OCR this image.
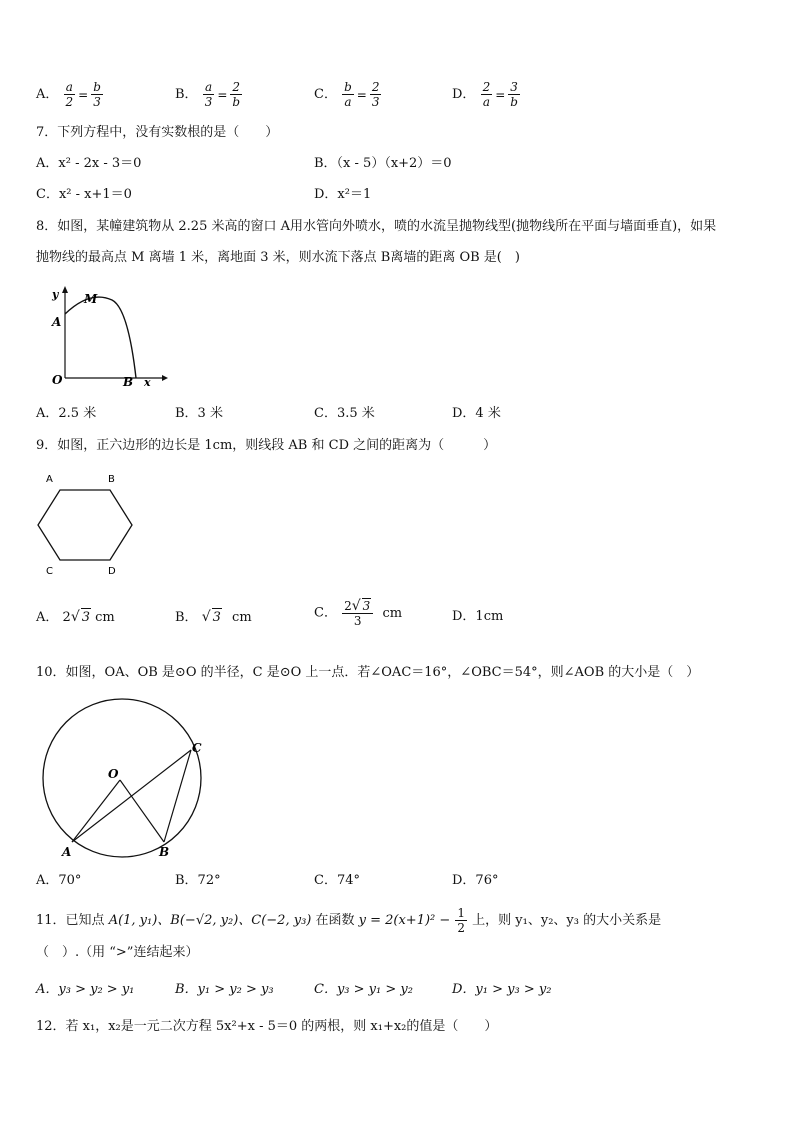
A． $\frac{a}{2} = \frac{b}{3}$	B． $\frac{a}{3} = \frac{2}{b}$	C． $\frac{b}{a} = \frac{2}{3}$	D． $\frac{2}{a} = \frac{3}{b}$
7．下列方程中，没有实数根的是（　　）
A．x² - 2x - 3＝0	B．（x - 5）（x+2）＝0
C．x² - x+1＝0	D．x²＝1
8．如图，某幢建筑物从 2.25 米高的窗口 A用水管向外喷水，喷的水流呈抛物线型(抛物线所在平面与墙面垂直)，如果
抛物线的最高点 M 离墙 1 米，离地面 3 米，则水流下落点 B离墙的距离 OB 是(　)
y M
A
O	B x
A．2.5 米	B．3 米	C．3.5 米	D．4 米
9．如图，正六边形的边长是 1cm，则线段 AB 和 CD 之间的距离为（　　　）
A	B
C	D
A． 2√ 3 cm	B． √ 3 cm	C． $\frac{2√ 3}{3}$ cm	D．1cm
10．如图，OA、OB 是⊙O 的半径，C 是⊙O 上一点．若∠OAC＝16°，∠OBC＝54°，则∠AOB 的大小是（　）
O
A	B
C
A．70°	B．72°	C．74°	D．76°
11．已知点 A(1, y₁)、B(−√2, y₂)、C(−2, y₃) 在函数 $y = 2(x+1)^2 - \frac{1}{2}$ 上，则 y₁、y₂、y₃ 的大小关系是
（　）.（用 “>”连结起来）
A．y₃ > y₂ > y₁	B．y₁ > y₂ > y₃	C．y₃ > y₁ > y₂	D．y₁ > y₃ > y₂
12．若 x₁，x₂是一元二次方程 5x²+x - 5＝0 的两根，则 x₁+x₂的值是（　　）
